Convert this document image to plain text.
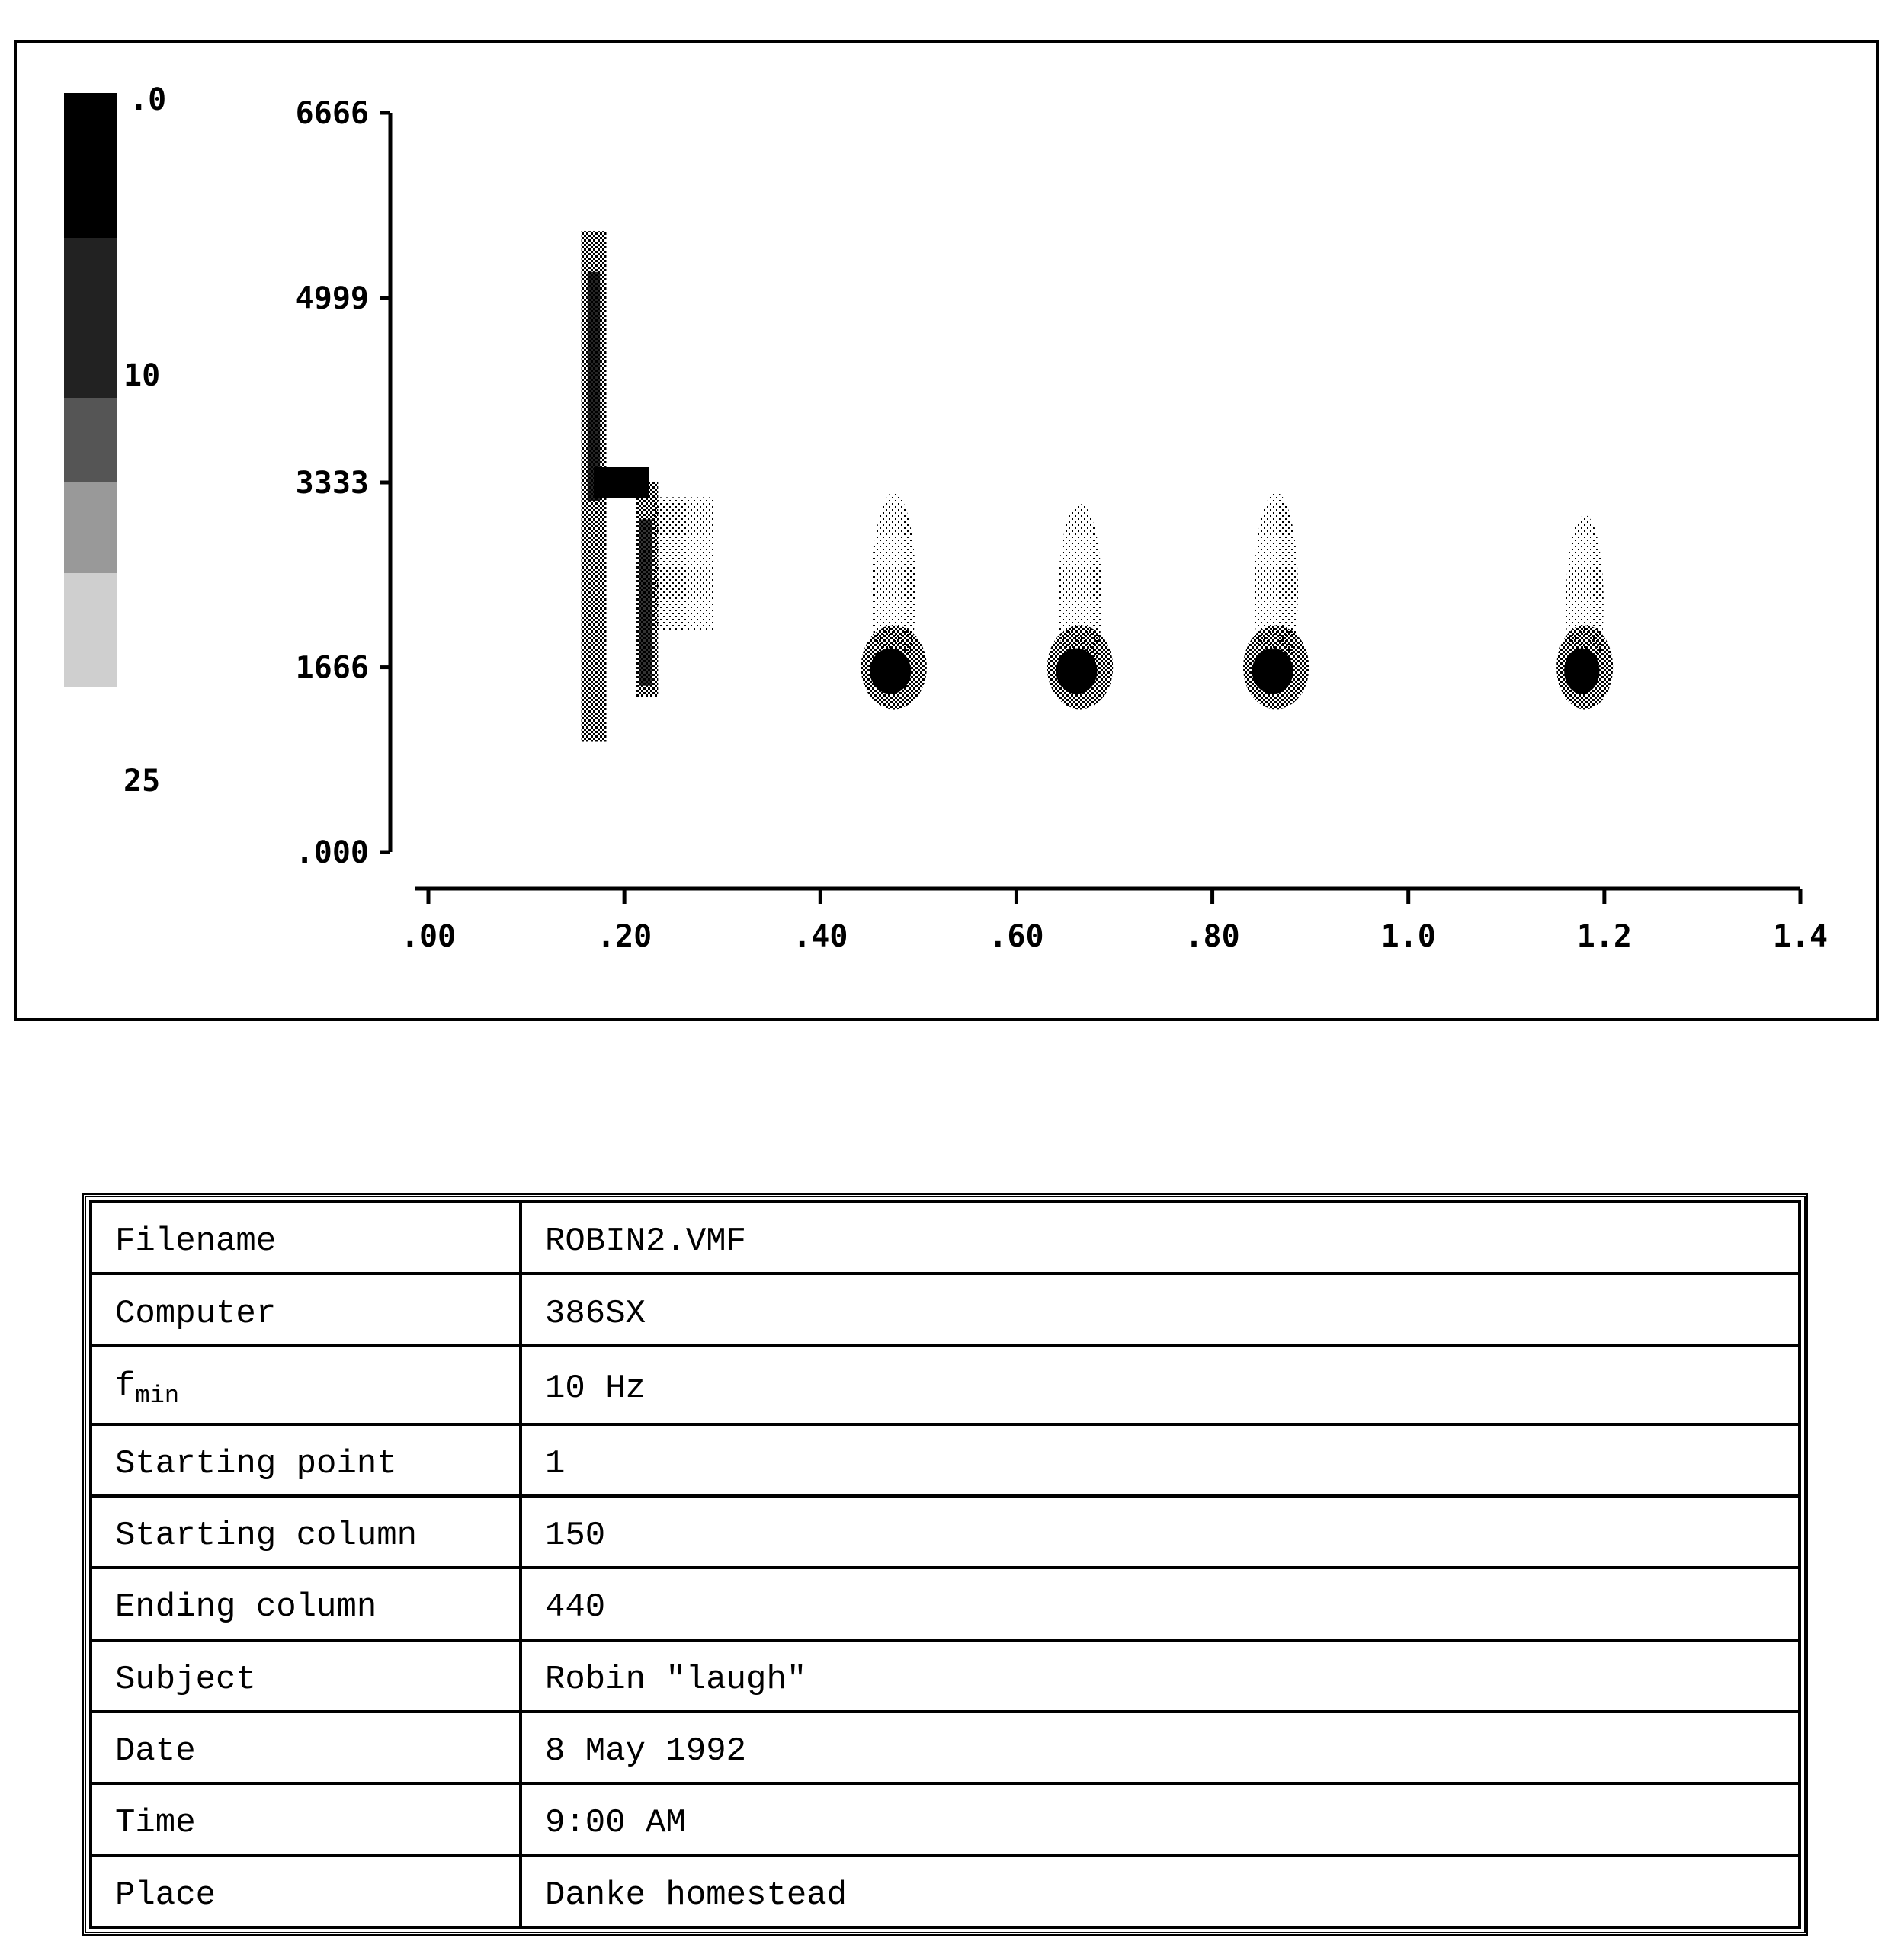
.0
10
25
6666
4999
3333
1666
.000
.00	.20	.40	.60	.80	1.0	1.2	1.4
Filename	ROBIN2.VMF
Computer	386SX
$f_{min}$	10 Hz
Starting point	1
Starting column	150
Ending column	440
Subject	Robin "laugh"
Date	8 May 1992
Time	9:00 AM
Place	Danke homestead
